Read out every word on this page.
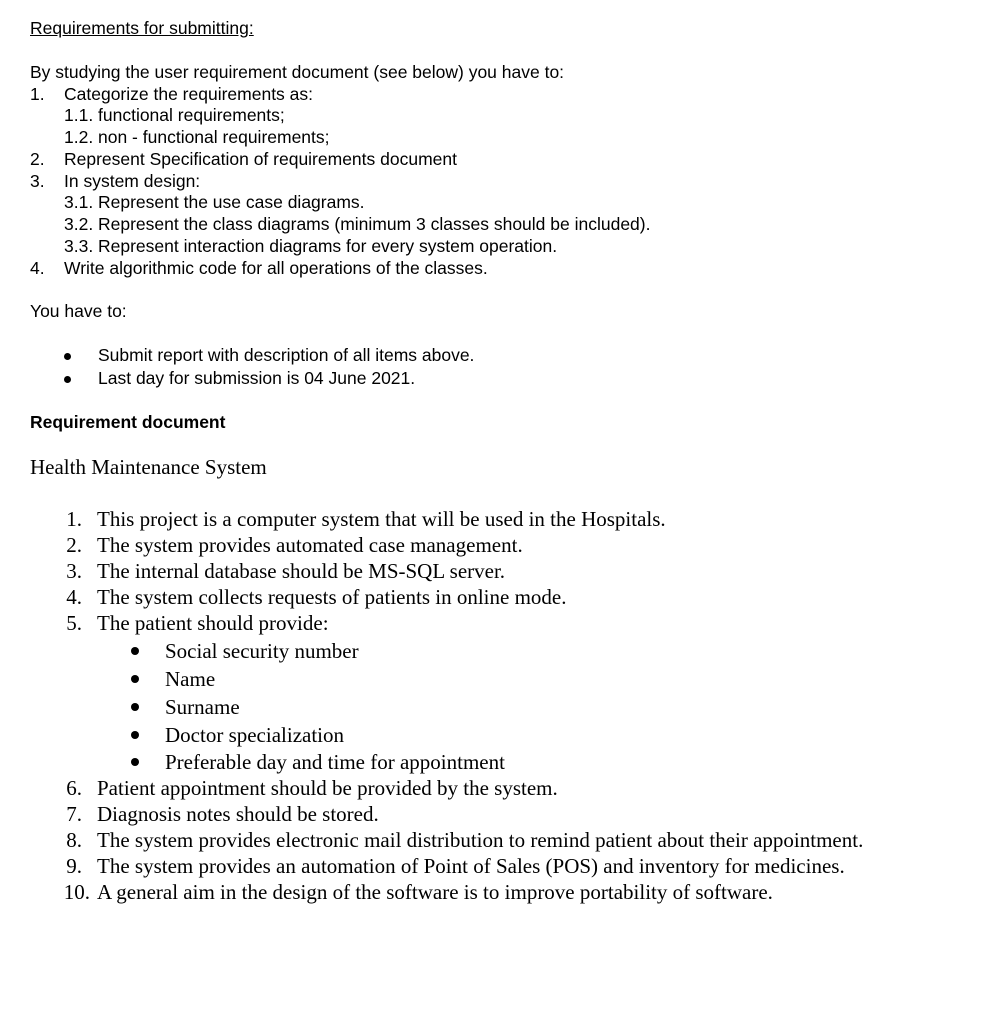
Requirements for submitting:
By studying the user requirement document (see below) you have to:
1. Categorize the requirements as:
1.1. functional requirements;
1.2. non - functional requirements;
2. Represent Specification of requirements document
3. In system design:
3.1. Represent the use case diagrams.
3.2. Represent the class diagrams (minimum 3 classes should be included).
3.3. Represent interaction diagrams for every system operation.
4. Write algorithmic code for all operations of the classes.
You have to:
Submit report with description of all items above.
Last day for submission is 04 June 2021.
Requirement document
Health Maintenance System
1. This project is a computer system that will be used in the Hospitals.
2. The system provides automated case management.
3. The internal database should be MS-SQL server.
4. The system collects requests of patients in online mode.
5. The patient should provide:
Social security number
Name
Surname
Doctor specialization
Preferable day and time for appointment
6. Patient appointment should be provided by the system.
7. Diagnosis notes should be stored.
8. The system provides electronic mail distribution to remind patient about their appointment.
9. The system provides an automation of Point of Sales (POS) and inventory for medicines.
10. A general aim in the design of the software is to improve portability of software.
